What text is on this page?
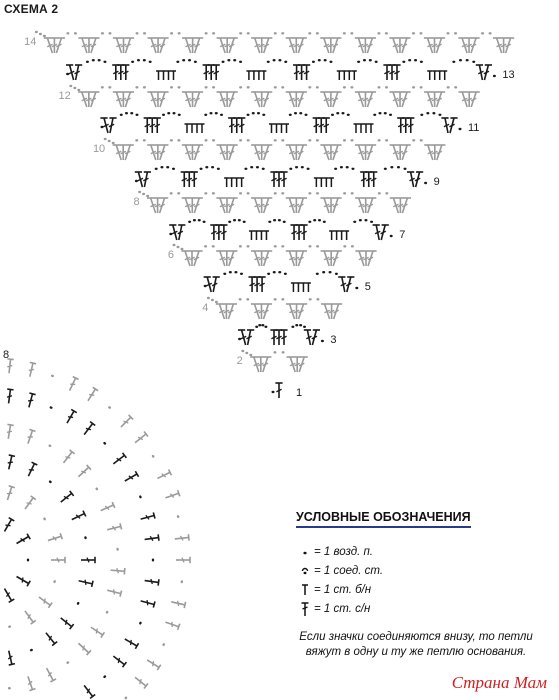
1
2
3
4
5
6
7
8
9
10
11
12
13
14
8
СХЕМА 2
УСЛОВНЫЕ ОБОЗНАЧЕНИЯ
= 1 возд. п.
= 1 соед. ст.
= 1 ст. б/н
= 1 ст. с/н
Если значки соединяются внизу, то петли вяжут в одну и ту же петлю основания.
Страна Мам
